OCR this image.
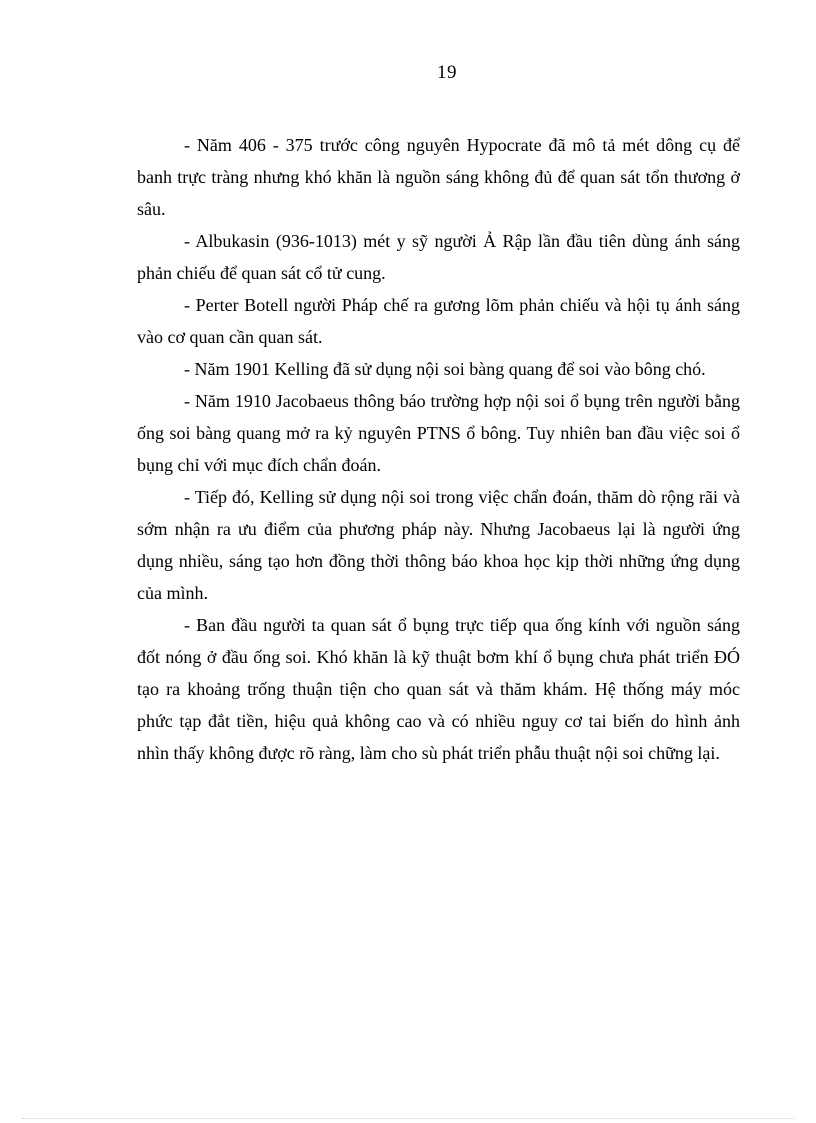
19

- Năm 406 - 375 trước công nguyên Hypocrate đã mô tả mét dông cụ để banh trực tràng nhưng khó khăn là nguồn sáng không đủ để quan sát tổn thương ở sâu.

- Albukasin (936-1013) mét y sỹ người Ả Rập lần đầu tiên dùng ánh sáng phản chiếu để quan sát cổ tử cung.

- Perter Botell người Pháp chế ra gương lõm phản chiếu và hội tụ ánh sáng vào cơ quan cần quan sát.

- Năm 1901 Kelling đã sử dụng nội soi bàng quang để soi vào bông chó.

- Năm 1910 Jacobaeus thông báo trường hợp nội soi ổ bụng trên người bằng ống soi bàng quang mở ra kỷ nguyên PTNS ổ bông. Tuy nhiên ban đầu việc soi ổ bụng chỉ với mục đích chẩn đoán.

- Tiếp đó, Kelling sử dụng nội soi trong việc chẩn đoán, thăm dò rộng rãi và sớm nhận ra ưu điểm của phương pháp này. Nhưng Jacobaeus lại là người ứng dụng nhiều, sáng tạo hơn đồng thời thông báo khoa học kịp thời những ứng dụng của mình.

- Ban đầu người ta quan sát ổ bụng trực tiếp qua ống kính với nguồn sáng đốt nóng ở đầu ống soi. Khó khăn là kỹ thuật bơm khí ổ bụng chưa phát triển ĐÓ tạo ra khoảng trống thuận tiện cho quan sát và thăm khám. Hệ thống máy móc phức tạp đắt tiền, hiệu quả không cao và có nhiều nguy cơ tai biến do hình ảnh nhìn thấy không được rõ ràng, làm cho sù phát triển phẫu thuật nội soi chững lại.
